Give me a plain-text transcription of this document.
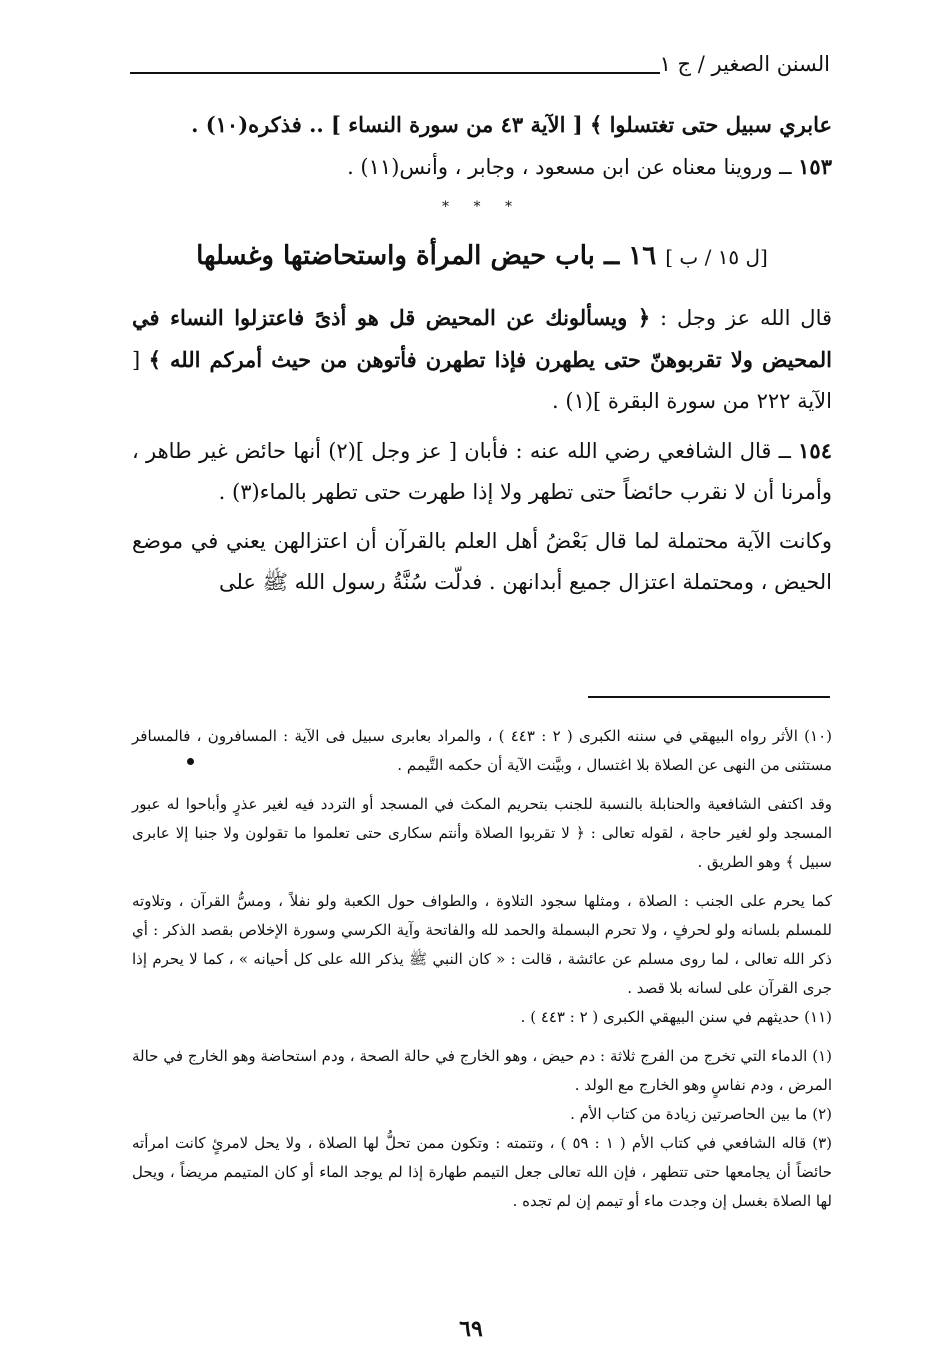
السنن الصغير / ج ١

عابري سبيل حتى تغتسلوا ﴾ [ الآية ٤٣ من سورة النساء ] .. فذكره(١٠) .

١٥٣ ــ وروينا معناه عن ابن مسعود ، وجابر ، وأنس(١١) .

* * *

[ل ١٥ / ب ] ١٦ ــ باب حيض المرأة واستحاضتها وغسلها

قال الله عز وجل : ﴿ ويسألونك عن المحيض قل هو أذىً فاعتزلوا النساء في المحيض ولا تقربوهنّ حتى يطهرن فإذا تطهرن فأتوهن من حيث أمركم الله ﴾ [ الآية ٢٢٢ من سورة البقرة ](١) .

١٥٤ ــ قال الشافعي رضي الله عنه : فأبان [ عز وجل ](٢) أنها حائض غير طاهر ، وأمرنا أن لا نقرب حائضاً حتى تطهر ولا إذا طهرت حتى تطهر بالماء(٣) .

وكانت الآية محتملة لما قال بَعْضُ أهل العلم بالقرآن أن اعتزالهن يعني في موضع الحيض ، ومحتملة اعتزال جميع أبدانهن . فدلّت سُنَّةُ رسول الله ﷺ على

(١٠) الأثر رواه البيهقي في سننه الكبرى ( ٢ : ٤٤٣ ) ، والمراد بعابرى سبيل فى الآية : المسافرون ، فالمسافر مستثنى من النهى عن الصلاة بلا اغتسال ، وبيَّنت الآية أن حكمه التَّيمم .

وقد اكتفى الشافعية والحنابلة بالنسبة للجنب بتحريم المكث في المسجد أو التردد فيه لغير عذرٍ وأباحوا له عبور المسجد ولو لغير حاجة ، لقوله تعالى : ﴿ لا تقربوا الصلاة وأنتم سكارى حتى تعلموا ما تقولون ولا جنبا إلا عابرى سبيل ﴾ وهو الطريق .

كما يحرم على الجنب : الصلاة ، ومثلها سجود التلاوة ، والطواف حول الكعبة ولو نفلاً ، ومسُّ القرآن ، وتلاوته للمسلم بلسانه ولو لحرفٍ ، ولا تحرم البسملة والحمد لله والفاتحة وآية الكرسي وسورة الإخلاص بقصد الذكر : أي ذكر الله تعالى ، لما روى مسلم عن عائشة ، قالت : « كان النبي ﷺ يذكر الله على كل أحيانه » ، كما لا يحرم إذا جرى القرآن على لسانه بلا قصد .

(١١) حديثهم في سنن البيهقي الكبرى ( ٢ : ٤٤٣ ) .

(١) الدماء التي تخرج من الفرج ثلاثة : دم حيض ، وهو الخارج في حالة الصحة ، ودم استحاضة وهو الخارج في حالة المرض ، ودم نفاسٍ وهو الخارج مع الولد .

(٢) ما بين الحاصرتين زيادة من كتاب الأم .

(٣) قاله الشافعي في كتاب الأم ( ١ : ٥٩ ) ، وتتمته : وتكون ممن تحلُّ لها الصلاة ، ولا يحل لامرئٍ كانت امرأته حائضاً أن يجامعها حتى تتطهر ، فإن الله تعالى جعل التيمم طهارة إذا لم يوجد الماء أو كان المتيمم مريضاً ، ويحل لها الصلاة بغسل إن وجدت ماء أو تيمم إن لم تجده .

٦٩
